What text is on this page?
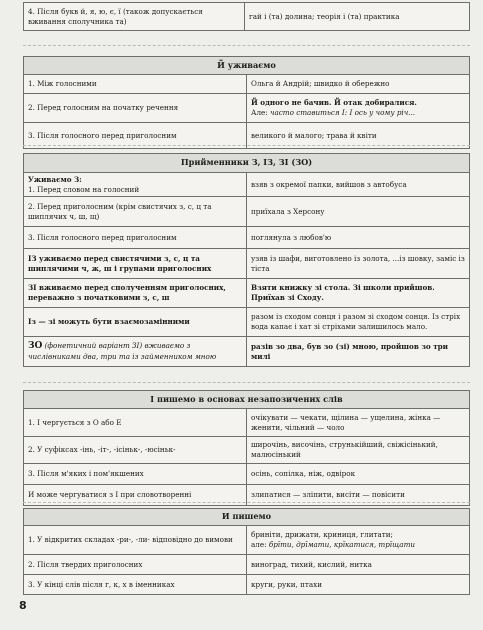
4. Після букв й, я, ю, є, ї (також допускається вживання сполучника та)	гай і (та) долина; теорія і (та) практика
Й уживаємо	
1. Між голосними	Ольга й Андрій; швидко й обережно
2. Перед голосним на початку речення	Й одного не бачив. Й отак добиралися.
Але: часто ставиться І: І ось у чому річ...
3. Після голосного перед приголосним	великого й малого; трава й квіти
Прийменники З, ІЗ, ЗІ (ЗО)	
Уживаємо З:
1. Перед словом на голосний	взяв з окремої папки, вийшов з автобуса
2. Перед приголосним (крім свистячих з, с, ц та шиплячих ч, ш, щ)	приїхала з Херсону
3. Після голосного перед приголосним	поглянула з любов'ю
ІЗ уживаємо перед свистячими з, с, ц та шиплячими ч, ж, ш і групами приголосних	узяв із шафи, виготовлено із золота, ...із шовку, заміс із тіста
ЗІ вживаємо перед сполученням приголосних, переважно з початковими з, с, ш	Взяти книжку зі стола. Зі школи прийшов. Приїхав зі Сходу.
Із — зі можуть бути взаємозамінними	разом із сходом сонця і разом зі сходом сонця. Із стріх вода капає і хат зі стріхами залишилось мало.
ЗО (фонетичний варіант ЗІ) вживаємо з числівниками два, три та із займенником мною	разів зо два, був зо (зі) мною, пройшов зо три милі
І пишемо в основах незапозичених слів	
1. І чергується з О або Е	очікувати — чекати, щілина — ущелина, жінка — женити, чільний — чоло
2. У суфіксах -інь, -іт-, -ісіньк-, -юсіньк-	широчінь, височінь, струнькійший, свіжісінький, малюсінький
3. Після м'яких і пом'якшених	осінь, сопілка, ніж, одвірок
И може чергуватися з І при словотворенні	злипатися — зліпити, висіти — повісити
И пишемо	
1. У відкритих складах -ри-, -ли- відповідно до вимови	бриніти, дрижати, криниця, глитати;
але: брīти, дрīмати, крīкатися, трīщати
2. Після твердих приголосних	виноград, тихий, кислий, нитка
3. У кінці слів після г, к, х в іменниках	круги, руки, птахи
8
